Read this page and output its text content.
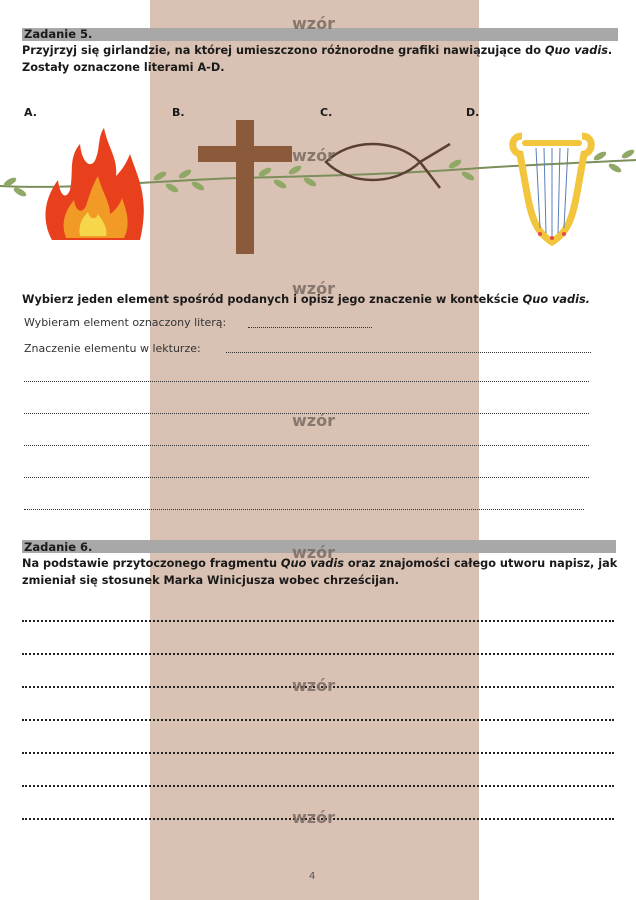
Zadanie 5.
Przyjrzyj się girlandzie, na której umieszczono różnorodne grafiki nawiązujące do Quo vadis.
Zostały oznaczone literami A-D.
A.	B.	C.	D.
Wybierz jeden element spośród podanych i opisz jego znaczenie w kontekście Quo vadis.
Wybieram element oznaczony literą:
Znaczenie elementu w lekturze:
Zadanie 6.
Na podstawie przytoczonego fragmentu Quo vadis oraz znajomości całego utworu napisz, jak
zmieniał się stosunek Marka Winicjusza wobec chrześcijan.
wzór
wzór
wzór
wzór
wzór
wzór
wzór
4
